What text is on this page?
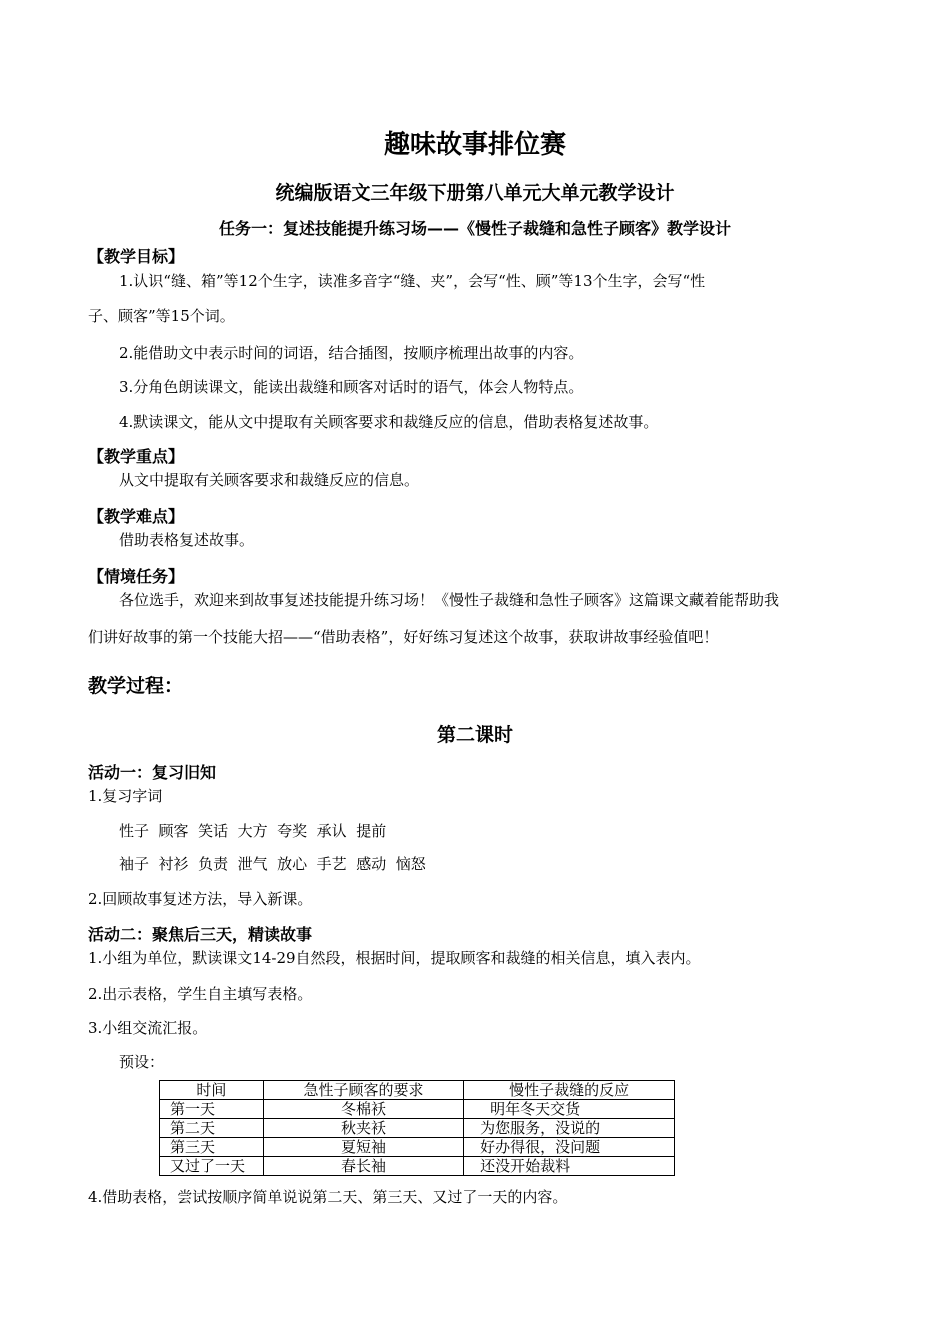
趣味故事排位赛
统编版语文三年级下册第八单元大单元教学设计
任务一：复述技能提升练习场——《慢性子裁缝和急性子顾客》教学设计
【教学目标】
1.认识“缝、箱”等12个生字，读准多音字“缝、夹”，会写“性、顾”等13个生字，会写“性
子、顾客”等15个词。
2.能借助文中表示时间的词语，结合插图，按顺序梳理出故事的内容。
3.分角色朗读课文，能读出裁缝和顾客对话时的语气，体会人物特点。
4.默读课文，能从文中提取有关顾客要求和裁缝反应的信息，借助表格复述故事。
【教学重点】
从文中提取有关顾客要求和裁缝反应的信息。
【教学难点】
借助表格复述故事。
【情境任务】
各位选手，欢迎来到故事复述技能提升练习场！《慢性子裁缝和急性子顾客》这篇课文藏着能帮助我
们讲好故事的第一个技能大招——“借助表格”，好好练习复述这个故事，获取讲故事经验值吧！
教学过程：
第二课时
活动一：复习旧知
1.复习字词
性子  顾客  笑话  大方  夸奖  承认  提前
袖子  衬衫  负责  泄气  放心  手艺  感动  恼怒
2.回顾故事复述方法，导入新课。
活动二：聚焦后三天，精读故事
1.小组为单位，默读课文14-29自然段，根据时间，提取顾客和裁缝的相关信息，填入表内。
2.出示表格，学生自主填写表格。
3.小组交流汇报。
预设：
时间	急性子顾客的要求	慢性子裁缝的反应
第一天	冬棉袄	明年冬天交货
第二天	秋夹袄	为您服务，没说的
第三天	夏短袖	好办得很，没问题
又过了一天	春长袖	还没开始裁料
4.借助表格，尝试按顺序简单说说第二天、第三天、又过了一天的内容。
